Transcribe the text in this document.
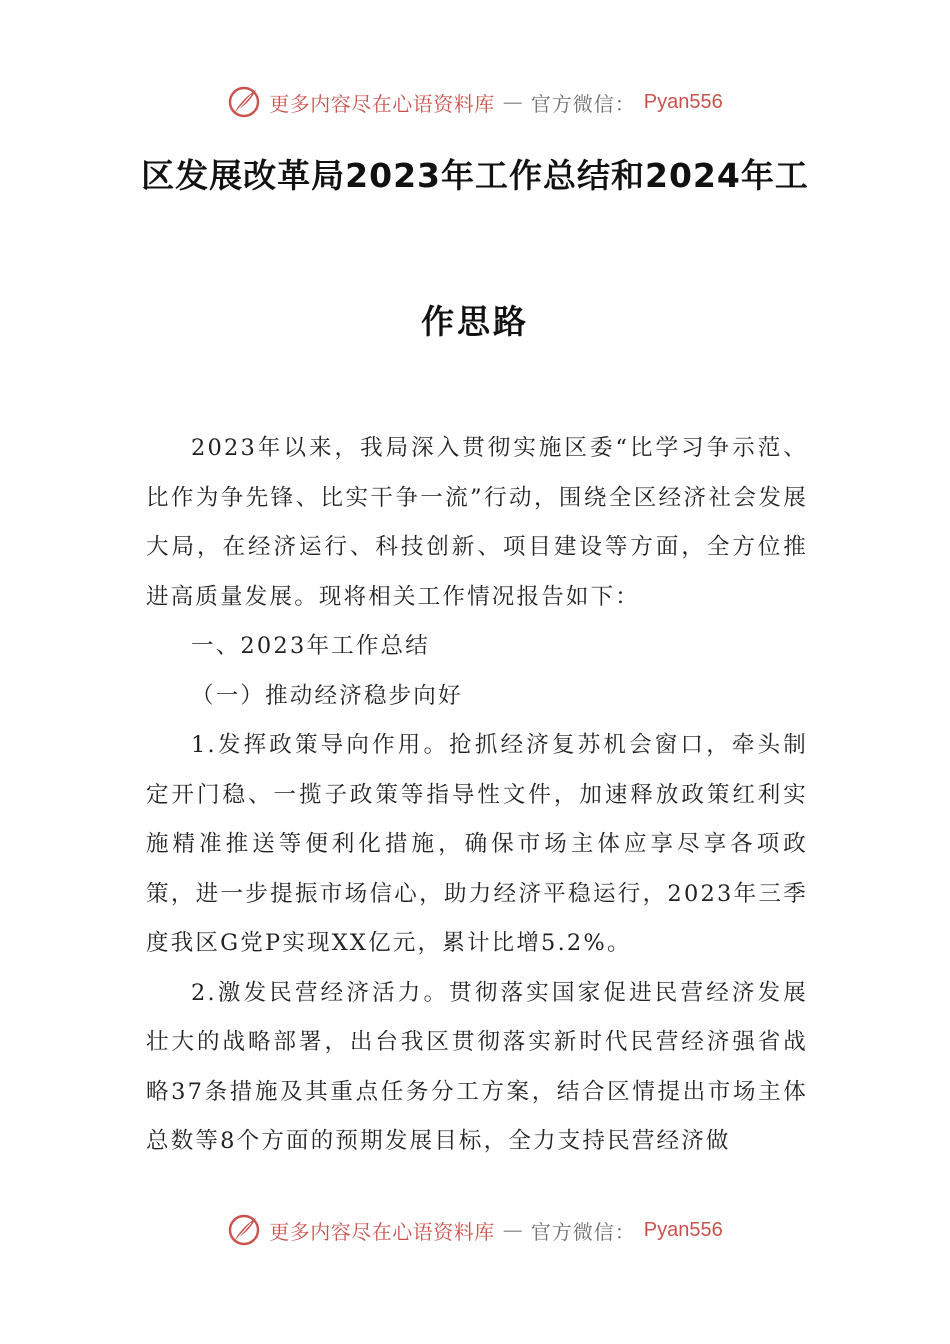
更多内容尽在心语资料库 — 官方微信： Pyan556
区发展改革局2023年工作总结和2024年工
作思路

2023年以来，我局深入贯彻实施区委“比学习争示范、比作为争先锋、比实干争一流”行动，围绕全区经济社会发展大局，在经济运行、科技创新、项目建设等方面，全方位推进高质量发展。现将相关工作情况报告如下：

一、2023年工作总结

（一）推动经济稳步向好

1.发挥政策导向作用。抢抓经济复苏机会窗口，牵头制定开门稳、一揽子政策等指导性文件，加速释放政策红利实施精准推送等便利化措施，确保市场主体应享尽享各项政策，进一步提振市场信心，助力经济平稳运行，2023年三季度我区G党P实现XX亿元，累计比增5.2%。

2.激发民营经济活力。贯彻落实国家促进民营经济发展壮大的战略部署，出台我区贯彻落实新时代民营经济强省战略37条措施及其重点任务分工方案，结合区情提出市场主体总数等8个方面的预期发展目标，全力支持民营经济做

更多内容尽在心语资料库 — 官方微信： Pyan556
